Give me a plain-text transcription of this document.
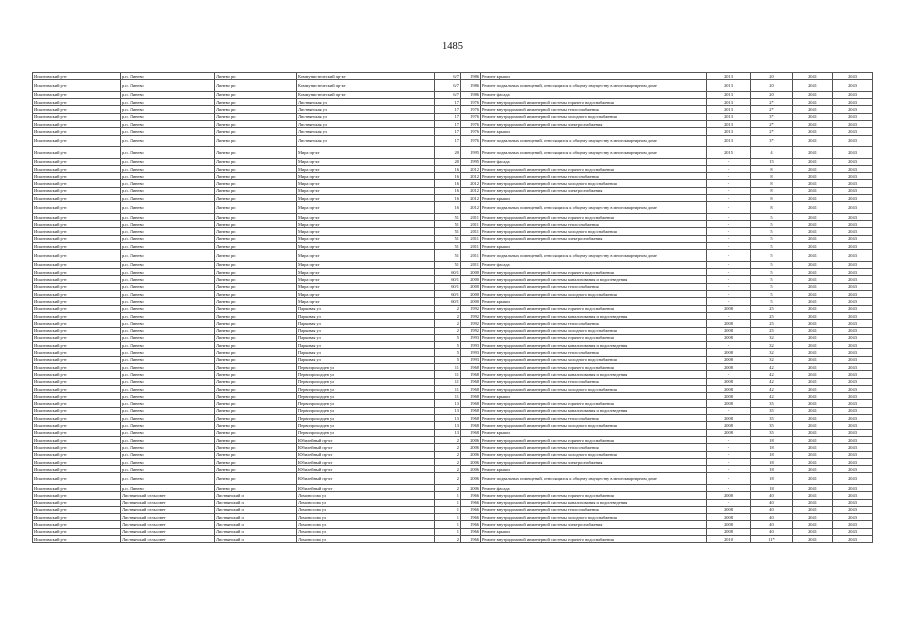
1485
Искитимский р-н	р.п. Линево	Линево рп	Коммунистический пр-кт	6/7	1986	Ремонт крыши	2013	20	2041	2043
Искитимский р-н	р.п. Линево	Линево рп	Коммунистический пр-кт	6/7	1986	Ремонт подвальных помещений, относящихся к общему имуществу в многоквартирном доме	2013	20	2041	2043
Искитимский р-н	р.п. Линево	Линево рп	Коммунистический пр-кт	6/7	1986	Ремонт фасада	2013	20	2041	2043
Искитимский р-н	р.п. Линево	Линево рп	Листвянская ул	17	1976	Ремонт внутридомовой инженерной системы горячего водоснабжения	2013	2*	2041	2043
Искитимский р-н	р.п. Линево	Линево рп	Листвянская ул	17	1976	Ремонт внутридомовой инженерной системы теплоснабжения	2013	2*	2041	2043
Искитимский р-н	р.п. Линево	Линево рп	Листвянская ул	17	1976	Ремонт внутридомовой инженерной системы холодного водоснабжения	2013	3*	2041	2043
Искитимский р-н	р.п. Линево	Линево рп	Листвянская ул	17	1976	Ремонт внутридомовой инженерной системы электроснабжения	2013	2*	2041	2043
Искитимский р-н	р.п. Линево	Линево рп	Листвянская ул	17	1976	Ремонт крыши	2013	2*	2041	2043
Искитимский р-н	р.п. Линево	Линево рп	Листвянская ул	17	1976	Ремонт подвальных помещений, относящихся к общему имуществу в многоквартирном доме	2013	3*	2041	2043
Искитимский р-н	р.п. Линево	Линево рп	Мира пр-кт	20	1995	Ремонт подвальных помещений, относящихся к общему имуществу в многоквартирном доме	2015	4	2041	2043
Искитимский р-н	р.п. Линево	Линево рп	Мира пр-кт	20	1995	Ремонт фасада	-	15	2041	2043
Искитимский р-н	р.п. Линево	Линево рп	Мира пр-кт	16	2012	Ремонт внутридомовой инженерной системы горячего водоснабжения	-	8	2041	2043
Искитимский р-н	р.п. Линево	Линево рп	Мира пр-кт	16	2012	Ремонт внутридомовой инженерной системы теплоснабжения	-	8	2041	2043
Искитимский р-н	р.п. Линево	Линево рп	Мира пр-кт	16	2012	Ремонт внутридомовой инженерной системы холодного водоснабжения	-	8	2041	2043
Искитимский р-н	р.п. Линево	Линево рп	Мира пр-кт	16	2012	Ремонт внутридомовой инженерной системы электроснабжения	-	8	2041	2043
Искитимский р-н	р.п. Линево	Линево рп	Мира пр-кт	16	2012	Ремонт крыши	-	8	2041	2043
Искитимский р-н	р.п. Линево	Линево рп	Мира пр-кт	16	2012	Ремонт подвальных помещений, относящихся к общему имуществу в многоквартирном доме	-	8	2041	2043
Искитимский р-н	р.п. Линево	Линево рп	Мира пр-кт	51	2011	Ремонт внутридомовой инженерной системы горячего водоснабжения	-	5	2041	2043
Искитимский р-н	р.п. Линево	Линево рп	Мира пр-кт	51	2011	Ремонт внутридомовой инженерной системы теплоснабжения	-	5	2041	2043
Искитимский р-н	р.п. Линево	Линево рп	Мира пр-кт	51	2011	Ремонт внутридомовой инженерной системы холодного водоснабжения	-	5	2041	2043
Искитимский р-н	р.п. Линево	Линево рп	Мира пр-кт	51	2011	Ремонт внутридомовой инженерной системы электроснабжения	-	5	2041	2043
Искитимский р-н	р.п. Линево	Линево рп	Мира пр-кт	51	2011	Ремонт крыши	-	5	2041	2043
Искитимский р-н	р.п. Линево	Линево рп	Мира пр-кт	51	2011	Ремонт подвальных помещений, относящихся к общему имуществу в многоквартирном доме	-	5	2041	2043
Искитимский р-н	р.п. Линево	Линево рп	Мира пр-кт	51	2011	Ремонт фасада	-	5	2041	2043
Искитимский р-н	р.п. Линево	Линево рп	Мира пр-кт	60/1	2000	Ремонт внутридомовой инженерной системы горячего водоснабжения	-	5	2041	2043
Искитимский р-н	р.п. Линево	Линево рп	Мира пр-кт	60/1	2000	Ремонт внутридомовой инженерной системы канализования и водоотведения	-	5	2041	2043
Искитимский р-н	р.п. Линево	Линево рп	Мира пр-кт	60/1	2000	Ремонт внутридомовой инженерной системы теплоснабжения	-	5	2041	2043
Искитимский р-н	р.п. Линево	Линево рп	Мира пр-кт	60/1	2000	Ремонт внутридомовой инженерной системы холодного водоснабжения	-	5	2041	2043
Искитимский р-н	р.п. Линево	Линево рп	Мира пр-кт	60/1	2000	Ремонт крыши	-	5	2041	2043
Искитимский р-н	р.п. Линево	Линево рп	Парковая ул	2	1992	Ремонт внутридомовой инженерной системы горячего водоснабжения	2008	25	2041	2043
Искитимский р-н	р.п. Линево	Линево рп	Парковая ул	2	1992	Ремонт внутридомовой инженерной системы канализования и водоотведения	-	25	2041	2043
Искитимский р-н	р.п. Линево	Линево рп	Парковая ул	2	1992	Ремонт внутридомовой инженерной системы теплоснабжения	2008	25	2041	2043
Искитимский р-н	р.п. Линево	Линево рп	Парковая ул	2	1992	Ремонт внутридомовой инженерной системы холодного водоснабжения	2008	25	2041	2043
Искитимский р-н	р.п. Линево	Линево рп	Парковая ул	5	1993	Ремонт внутридомовой инженерной системы горячего водоснабжения	2008	32	2041	2043
Искитимский р-н	р.п. Линево	Линево рп	Парковая ул	5	1993	Ремонт внутридомовой инженерной системы канализования и водоотведения	-	32	2041	2043
Искитимский р-н	р.п. Линево	Линево рп	Парковая ул	5	1993	Ремонт внутридомовой инженерной системы теплоснабжения	2008	32	2041	2043
Искитимский р-н	р.п. Линево	Линево рп	Парковая ул	5	1993	Ремонт внутридомовой инженерной системы холодного водоснабжения	2008	32	2041	2043
Искитимский р-н	р.п. Линево	Линево рп	Первопроходцев ул	11	1968	Ремонт внутридомовой инженерной системы горячего водоснабжения	2008	42	2041	2043
Искитимский р-н	р.п. Линево	Линево рп	Первопроходцев ул	11	1968	Ремонт внутридомовой инженерной системы канализования и водоотведения	-	42	2041	2043
Искитимский р-н	р.п. Линево	Линево рп	Первопроходцев ул	11	1968	Ремонт внутридомовой инженерной системы теплоснабжения	2008	42	2041	2043
Искитимский р-н	р.п. Линево	Линево рп	Первопроходцев ул	11	1968	Ремонт внутридомовой инженерной системы холодного водоснабжения	2008	42	2041	2043
Искитимский р-н	р.п. Линево	Линево рп	Первопроходцев ул	11	1968	Ремонт крыши	2008	42	2041	2043
Искитимский р-н	р.п. Линево	Линево рп	Первопроходцев ул	13	1968	Ремонт внутридомовой инженерной системы горячего водоснабжения	2008	35	2041	2043
Искитимский р-н	р.п. Линево	Линево рп	Первопроходцев ул	13	1968	Ремонт внутридомовой инженерной системы канализования и водоотведения	-	35	2041	2043
Искитимский р-н	р.п. Линево	Линево рп	Первопроходцев ул	13	1968	Ремонт внутридомовой инженерной системы теплоснабжения	2008	35	2041	2043
Искитимский р-н	р.п. Линево	Линево рп	Первопроходцев ул	13	1968	Ремонт внутридомовой инженерной системы холодного водоснабжения	2008	35	2041	2043
Искитимский р-н	р.п. Линево	Линево рп	Первопроходцев ул	13	1968	Ремонт крыши	2008	35	2041	2043
Искитимский р-н	р.п. Линево	Линево рп	Юбилейный пр-кт	2	2006	Ремонт внутридомовой инженерной системы горячего водоснабжения	-	18	2041	2043
Искитимский р-н	р.п. Линево	Линево рп	Юбилейный пр-кт	2	2006	Ремонт внутридомовой инженерной системы теплоснабжения	-	18	2041	2043
Искитимский р-н	р.п. Линево	Линево рп	Юбилейный пр-кт	2	2006	Ремонт внутридомовой инженерной системы холодного водоснабжения	-	18	2041	2043
Искитимский р-н	р.п. Линево	Линево рп	Юбилейный пр-кт	2	2006	Ремонт внутридомовой инженерной системы электроснабжения	-	18	2041	2043
Искитимский р-н	р.п. Линево	Линево рп	Юбилейный пр-кт	2	2006	Ремонт крыши	-	18	2041	2043
Искитимский р-н	р.п. Линево	Линево рп	Юбилейный пр-кт	2	2006	Ремонт подвальных помещений, относящихся к общему имуществу в многоквартирном доме	-	18	2041	2043
Искитимский р-н	р.п. Линево	Линево рп	Юбилейный пр-кт	2	2006	Ремонт фасада	-	18	2041	2043
Искитимский р-н	Листвянский сельсовет	Листвянский п	Ломоносова ул	1	1966	Ремонт внутридомовой инженерной системы горячего водоснабжения	2008	40	2041	2043
Искитимский р-н	Листвянский сельсовет	Листвянский п	Ломоносова ул	1	1966	Ремонт внутридомовой инженерной системы канализования и водоотведения	-	40	2041	2043
Искитимский р-н	Листвянский сельсовет	Листвянский п	Ломоносова ул	1	1966	Ремонт внутридомовой инженерной системы теплоснабжения	2008	40	2041	2043
Искитимский р-н	Листвянский сельсовет	Листвянский п	Ломоносова ул	1	1966	Ремонт внутридомовой инженерной системы холодного водоснабжения	2008	40	2041	2043
Искитимский р-н	Листвянский сельсовет	Листвянский п	Ломоносова ул	1	1966	Ремонт внутридомовой инженерной системы электроснабжения	2008	40	2041	2043
Искитимский р-н	Листвянский сельсовет	Листвянский п	Ломоносова ул	1	1966	Ремонт крыши	2008	40	2041	2043
Искитимский р-н	Листвянский сельсовет	Листвянский п	Ломоносова ул	2	1966	Ремонт внутридомовой инженерной системы горячего водоснабжения	2010	11*	2041	2043
